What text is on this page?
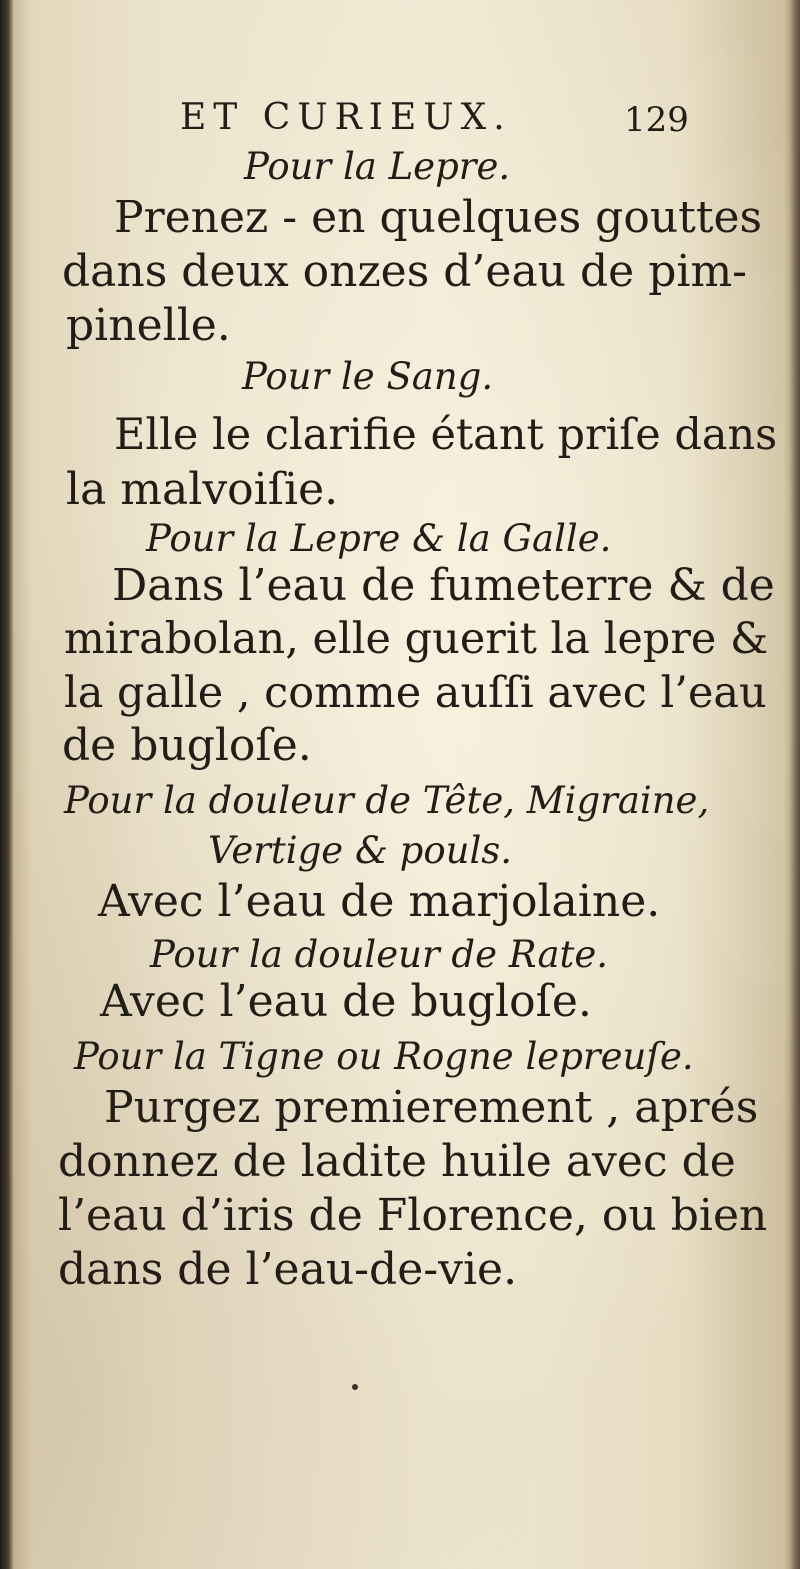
ET CURIEUX.	129
Pour la Lepre.
Prenez - en quelques gouttes
dans deux onzes d’eau de pim-
pinelle.
Pour le Sang.
Elle le clarifie étant priſe dans
la malvoiſie.
Pour la Lepre & la Galle.
Dans l’eau de fumeterre & de
mirabolan, elle guerit la lepre &
la galle , comme auſſi avec l’eau
de bugloſe.
Pour la douleur de Tête, Migraine,
Vertige & pouls.
Avec l’eau de marjolaine.
Pour la douleur de Rate.
Avec l’eau de bugloſe.
Pour la Tigne ou Rogne lepreuſe.
Purgez premierement , aprés
donnez de ladite huile avec de
l’eau d’iris de Florence, ou bien
dans de l’eau-de-vie.
